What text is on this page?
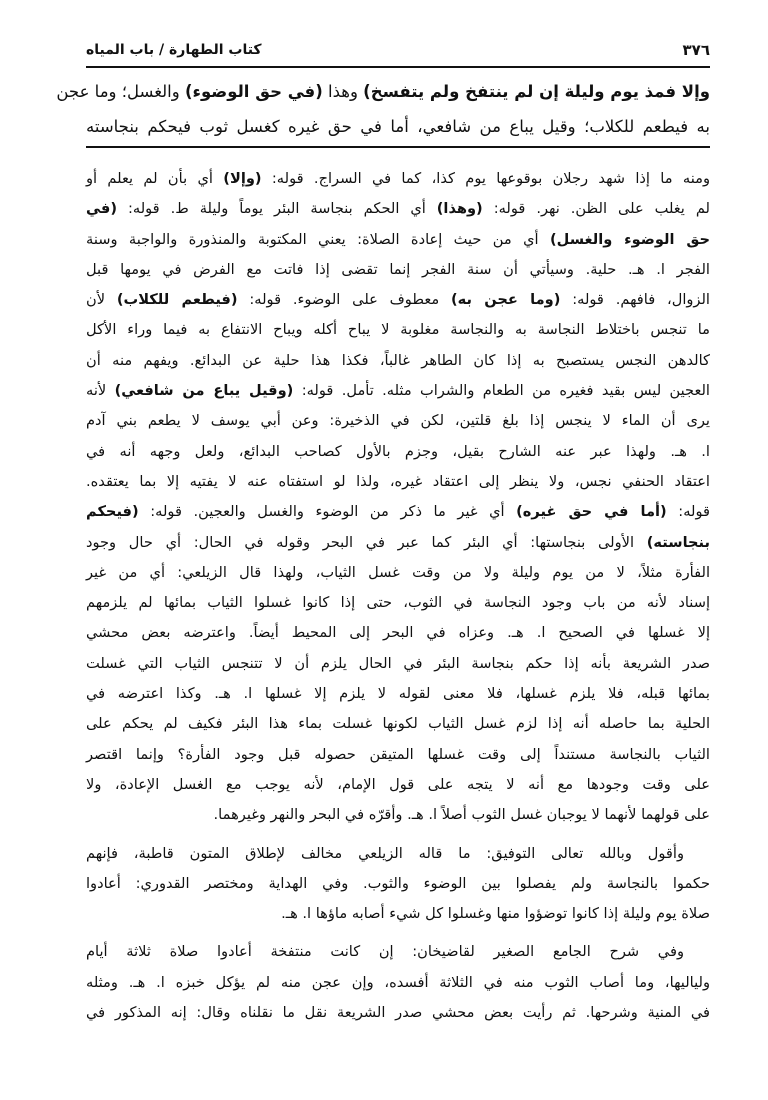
كتاب الطهارة / باب المياه	٣٧٦
وإلا فمذ يوم وليلة إن لم ينتفخ ولم يتفسخ) وهذا (في حق الوضوء) والغسل؛ وما عجن
به فيطعم للكلاب؛ وقيل يباع من شافعي، أما في حق غيره كغسل ثوب فيحكم بنجاسته
ومنه ما إذا شهد رجلان بوقوعها يوم كذا، كما في السراج. قوله: (وإلا) أي بأن لم يعلم أو
لم يغلب على الظن. نهر. قوله: (وهذا) أي الحكم بنجاسة البئر يوماً وليلة ط. قوله: (في
حق الوضوء والغسل) أي من حيث إعادة الصلاة: يعني المكتوبة والمنذورة والواجبة وسنة
الفجر ا. هـ. حلية. وسيأتي أن سنة الفجر إنما تقضى إذا فاتت مع الفرض في يومها قبل
الزوال، فافهم. قوله: (وما عجن به) معطوف على الوضوء. قوله: (فيطعم للكلاب) لأن
ما تنجس باختلاط النجاسة به والنجاسة مغلوبة لا يباح أكله ويباح الانتفاع به فيما وراء الأكل
كالدهن النجس يستصبح به إذا كان الطاهر غالباً، فكذا هذا حلية عن البدائع. ويفهم منه أن
العجين ليس بقيد فغيره من الطعام والشراب مثله. تأمل. قوله: (وقيل يباع من شافعي) لأنه
يرى أن الماء لا ينجس إذا بلغ قلتين، لكن في الذخيرة: وعن أبي يوسف لا يطعم بني آدم
ا. هـ. ولهذا عبر عنه الشارح بقيل، وجزم بالأول كصاحب البدائع، ولعل وجهه أنه في
اعتقاد الحنفي نجس، ولا ينظر إلى اعتقاد غيره، ولذا لو استفتاه عنه لا يفتيه إلا بما يعتقده.
قوله: (أما في حق غيره) أي غير ما ذكر من الوضوء والغسل والعجين. قوله: (فيحكم
بنجاسته) الأولى بنجاستها: أي البئر كما عبر في البحر وقوله في الحال: أي حال وجود
الفأرة مثلاً، لا من يوم وليلة ولا من وقت غسل الثياب، ولهذا قال الزيلعي: أي من غير
إسناد لأنه من باب وجود النجاسة في الثوب، حتى إذا كانوا غسلوا الثياب بمائها لم يلزمهم
إلا غسلها في الصحيح ا. هـ. وعزاه في البحر إلى المحيط أيضاً. واعترضه بعض محشي
صدر الشريعة بأنه إذا حكم بنجاسة البئر في الحال يلزم أن لا تتنجس الثياب التي غسلت
بمائها قبله، فلا يلزم غسلها، فلا معنى لقوله لا يلزم إلا غسلها ا. هـ. وكذا اعترضه في
الحلية بما حاصله أنه إذا لزم غسل الثياب لكونها غسلت بماء هذا البئر فكيف لم يحكم على
الثياب بالنجاسة مستنداً إلى وقت غسلها المتيقن حصوله قبل وجود الفأرة؟ وإنما اقتصر
على وقت وجودها مع أنه لا يتجه على قول الإمام، لأنه يوجب مع الغسل الإعادة، ولا
على قولهما لأنهما لا يوجبان غسل الثوب أصلاً ا. هـ. وأقرّه في البحر والنهر وغيرهما.
وأقول وبالله تعالى التوفيق: ما قاله الزيلعي مخالف لإطلاق المتون قاطبة، فإنهم
حكموا بالنجاسة ولم يفصلوا بين الوضوء والثوب. وفي الهداية ومختصر القدوري: أعادوا
صلاة يوم وليلة إذا كانوا توضؤوا منها وغسلوا كل شيء أصابه ماؤها ا. هـ.
وفي شرح الجامع الصغير لقاضيخان: إن كانت منتفخة أعادوا صلاة ثلاثة أيام
ولياليها، وما أصاب الثوب منه في الثلاثة أفسده، وإن عجن منه لم يؤكل خبزه ا. هـ. ومثله
في المنية وشرحها. ثم رأيت بعض محشي صدر الشريعة نقل ما نقلناه وقال: إنه المذكور في
